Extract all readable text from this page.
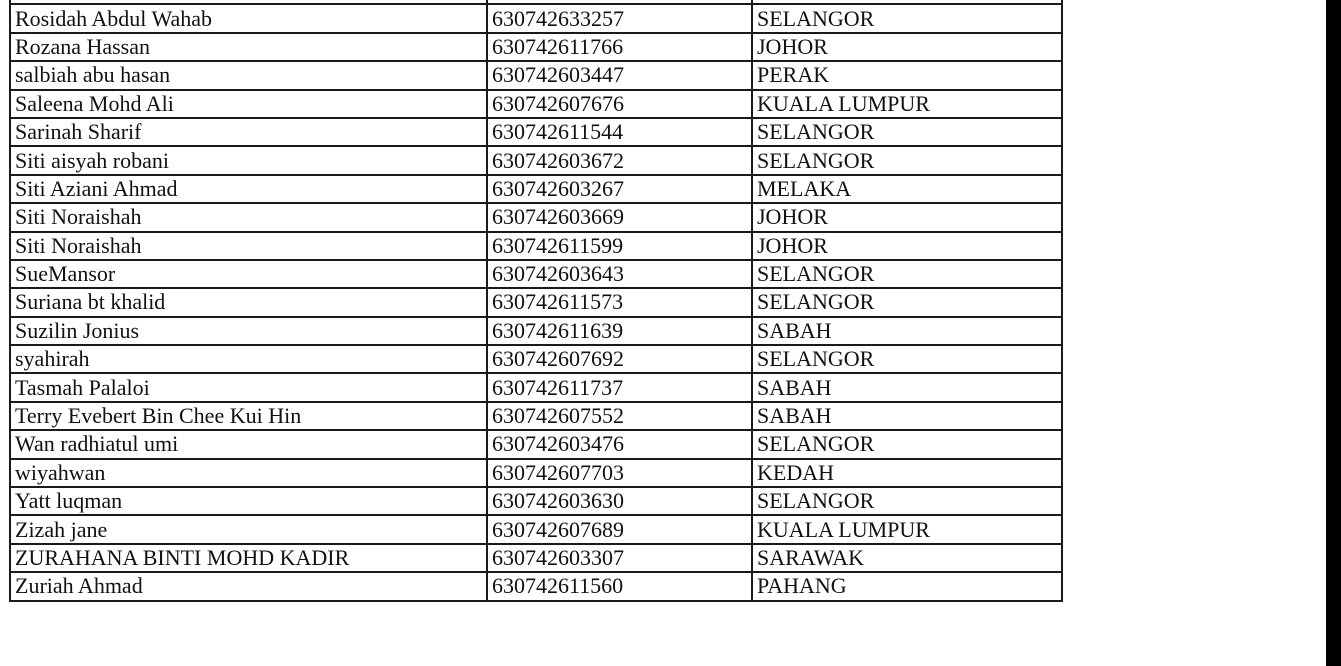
Rosidah Abdul Wahab	630742633257	SELANGOR
Rozana Hassan	630742611766	JOHOR
salbiah abu hasan	630742603447	PERAK
Saleena Mohd Ali	630742607676	KUALA LUMPUR
Sarinah Sharif	630742611544	SELANGOR
Siti aisyah robani	630742603672	SELANGOR
Siti Aziani Ahmad	630742603267	MELAKA
Siti Noraishah	630742603669	JOHOR
Siti Noraishah	630742611599	JOHOR
SueMansor	630742603643	SELANGOR
Suriana bt khalid	630742611573	SELANGOR
Suzilin Jonius	630742611639	SABAH
syahirah	630742607692	SELANGOR
Tasmah Palaloi	630742611737	SABAH
Terry Evebert Bin Chee Kui Hin	630742607552	SABAH
Wan radhiatul umi	630742603476	SELANGOR
wiyahwan	630742607703	KEDAH
Yatt luqman	630742603630	SELANGOR
Zizah jane	630742607689	KUALA LUMPUR
ZURAHANA BINTI MOHD KADIR	630742603307	SARAWAK
Zuriah Ahmad	630742611560	PAHANG
